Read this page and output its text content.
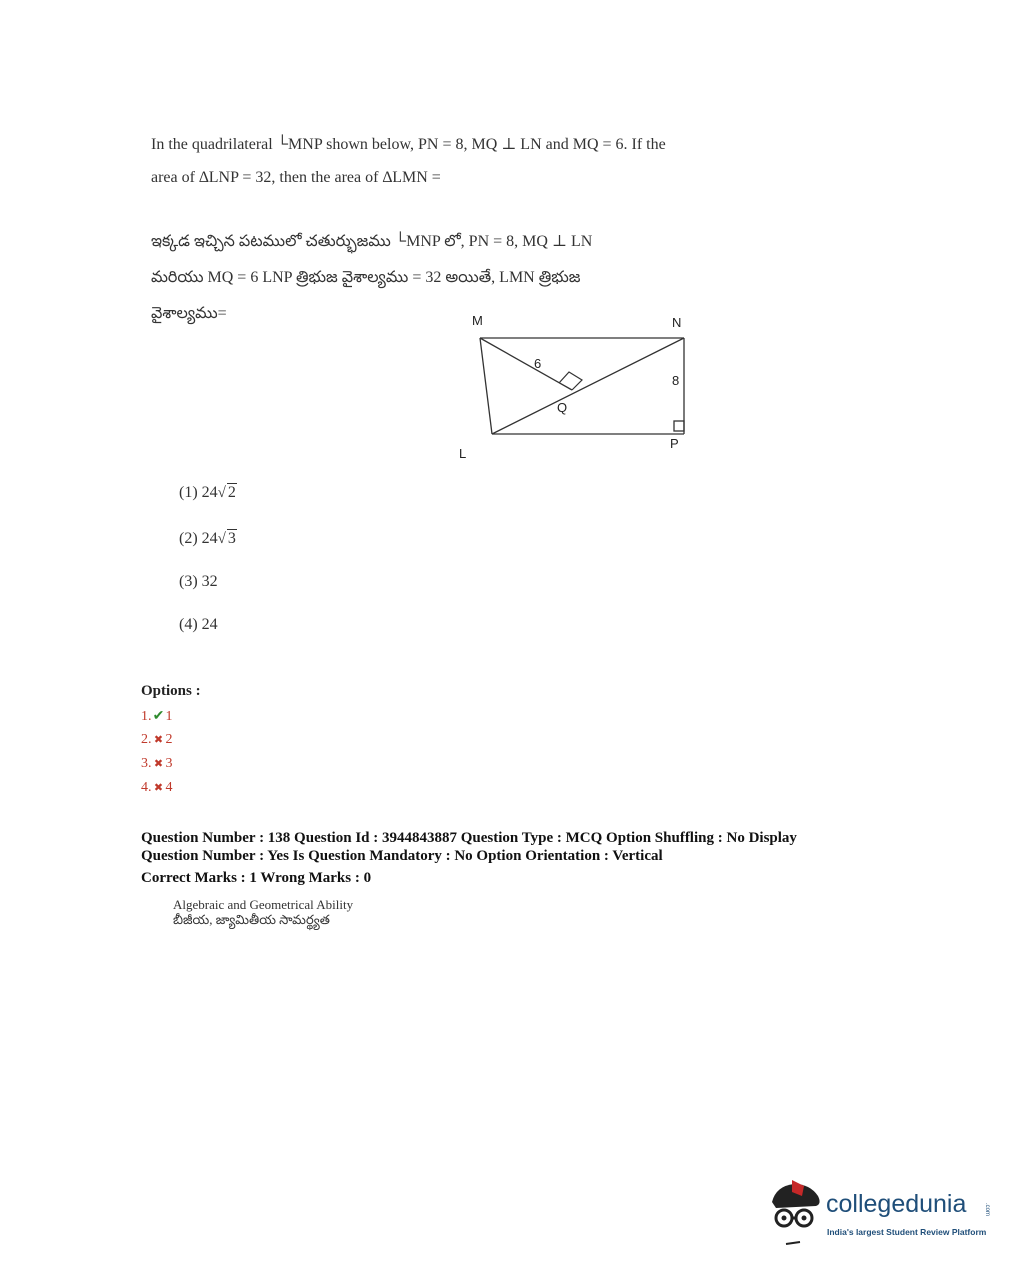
In the quadrilateral └MNP shown below, PN = 8, MQ ⊥ LN and MQ = 6. If the
area of ∆LNP = 32, then the area of ∆LMN =
ఇక్కడ ఇచ్చిన పటములో చతుర్భుజము └MNP లో, PN = 8, MQ ⊥ LN
మరియు MQ = 6 LNP త్రిభుజ వైశాల్యము = 32 అయితే, LMN త్రిభుజ
వైశాల్యము=	M	N
L
P
Q
6
8
(1) 24√ 2
(2) 24√ 3
(3) 32
(4) 24
Options :
1.✔1
2. ✖ 2
3. ✖ 3
4. ✖ 4
Question Number : 138 Question Id : 3944843887 Question Type : MCQ Option Shuffling : No Display
Question Number : Yes Is Question Mandatory : No Option Orientation : Vertical
Correct Marks : 1 Wrong Marks : 0
Algebraic and Geometrical Ability
బీజీయ, జ్యామితీయ సామర్థ్యత
collegedunia	.com
India's largest Student Review Platform
